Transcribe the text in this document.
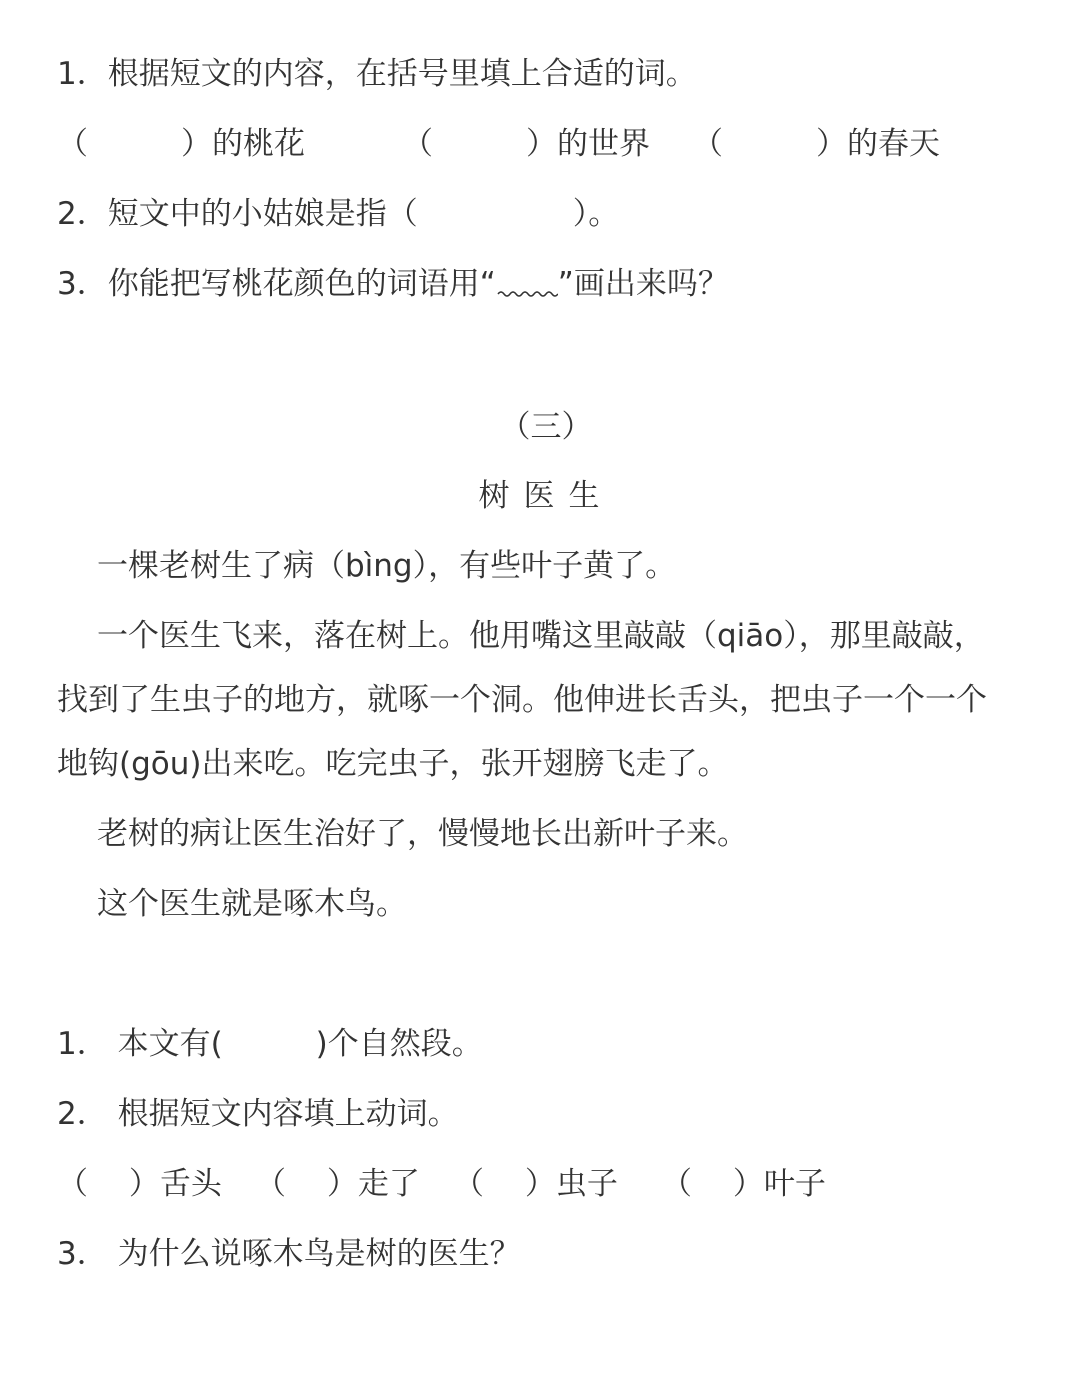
1．根据短文的内容，在括号里填上合适的词。
（　　　）的桃花	（　　　）的世界 （　　　）的春天
2．短文中的小姑娘是指（　　　　　）。
3．你能把写桃花颜色的词语用“ ”画出来吗？
（三）
树医生
一棵老树生了病（bìng），有些叶子黄了。
一个医生飞来，落在树上。他用嘴这里敲敲（qiāo），那里敲敲，
找到了生虫子的地方，就啄一个洞。他伸进长舌头，把虫子一个一个
地钩(gōu)出来吃。吃完虫子，张开翅膀飞走了。
老树的病让医生治好了，慢慢地长出新叶子来。
这个医生就是啄木鸟。
1． 本文有(　　　)个自然段。
2． 根据短文内容填上动词。
（　 ）舌头 （　 ）走了 （　 ）虫子 （　 ）叶子
3． 为什么说啄木鸟是树的医生？
